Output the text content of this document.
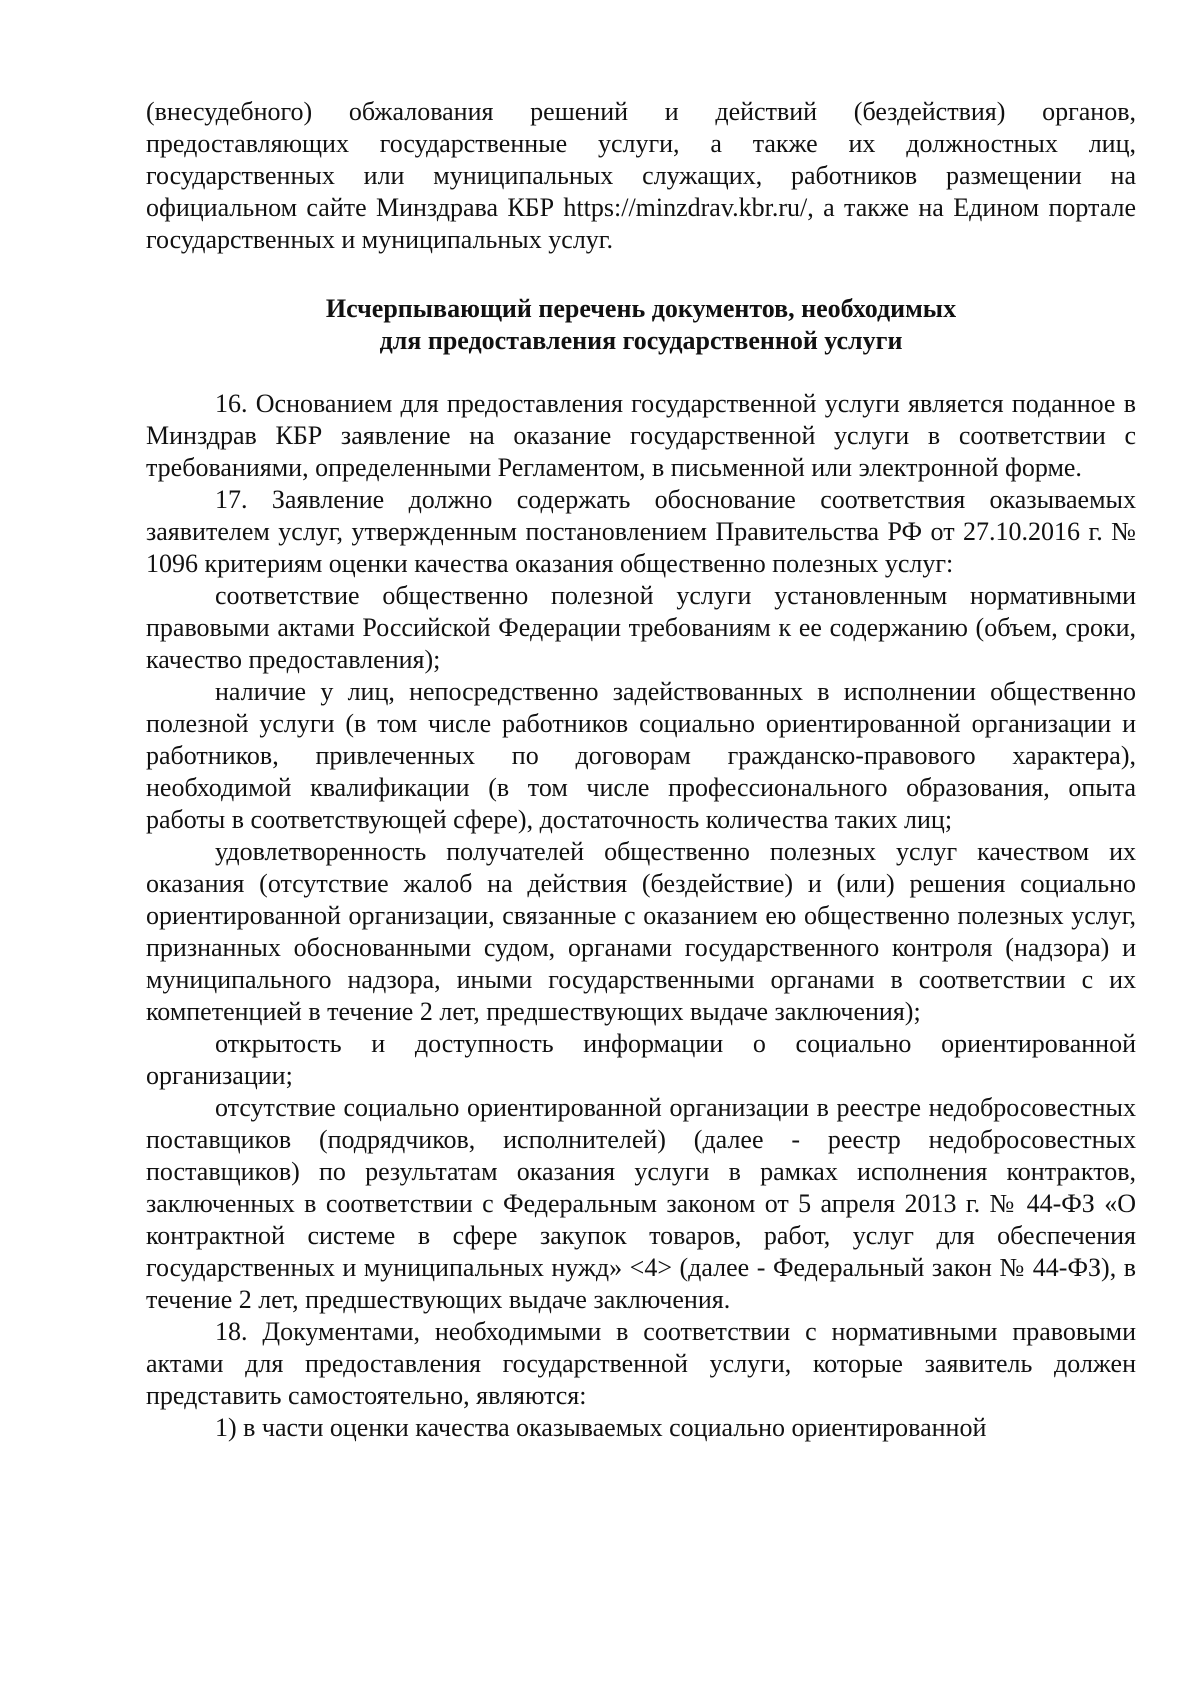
(внесудебного) обжалования решений и действий (бездействия) органов, предоставляющих государственные услуги, а также их должностных лиц, государственных или муниципальных служащих, работников размещении на официальном сайте Минздрава КБР https://minzdrav.kbr.ru/, а также на Едином портале государственных и муниципальных услуг.

Исчерпывающий перечень документов, необходимых
для предоставления государственной услуги

16. Основанием для предоставления государственной услуги является поданное в Минздрав КБР заявление на оказание государственной услуги в соответствии с требованиями, определенными Регламентом, в письменной или электронной форме.

17. Заявление должно содержать обоснование соответствия оказываемых заявителем услуг, утвержденным постановлением Правительства РФ от 27.10.2016 г. № 1096 критериям оценки качества оказания общественно полезных услуг:

соответствие общественно полезной услуги установленным нормативными правовыми актами Российской Федерации требованиям к ее содержанию (объем, сроки, качество предоставления);

наличие у лиц, непосредственно задействованных в исполнении общественно полезной услуги (в том числе работников социально ориентированной организации и работников, привлеченных по договорам гражданско-правового характера), необходимой квалификации (в том числе профессионального образования, опыта работы в соответствующей сфере), достаточность количества таких лиц;

удовлетворенность получателей общественно полезных услуг качеством их оказания (отсутствие жалоб на действия (бездействие) и (или) решения социально ориентированной организации, связанные с оказанием ею общественно полезных услуг, признанных обоснованными судом, органами государственного контроля (надзора) и муниципального надзора, иными государственными органами в соответствии с их компетенцией в течение 2 лет, предшествующих выдаче заключения);

открытость и доступность информации о социально ориентированной организации;

отсутствие социально ориентированной организации в реестре недобросовестных поставщиков (подрядчиков, исполнителей) (далее - реестр недобросовестных поставщиков) по результатам оказания услуги в рамках исполнения контрактов, заключенных в соответствии с Федеральным законом от 5 апреля 2013 г. № 44-ФЗ «О контрактной системе в сфере закупок товаров, работ, услуг для обеспечения государственных и муниципальных нужд» <4> (далее - Федеральный закон № 44-ФЗ), в течение 2 лет, предшествующих выдаче заключения.

18. Документами, необходимыми в соответствии с нормативными правовыми актами для предоставления государственной услуги, которые заявитель должен представить самостоятельно, являются:

1) в части оценки качества оказываемых социально ориентированной
